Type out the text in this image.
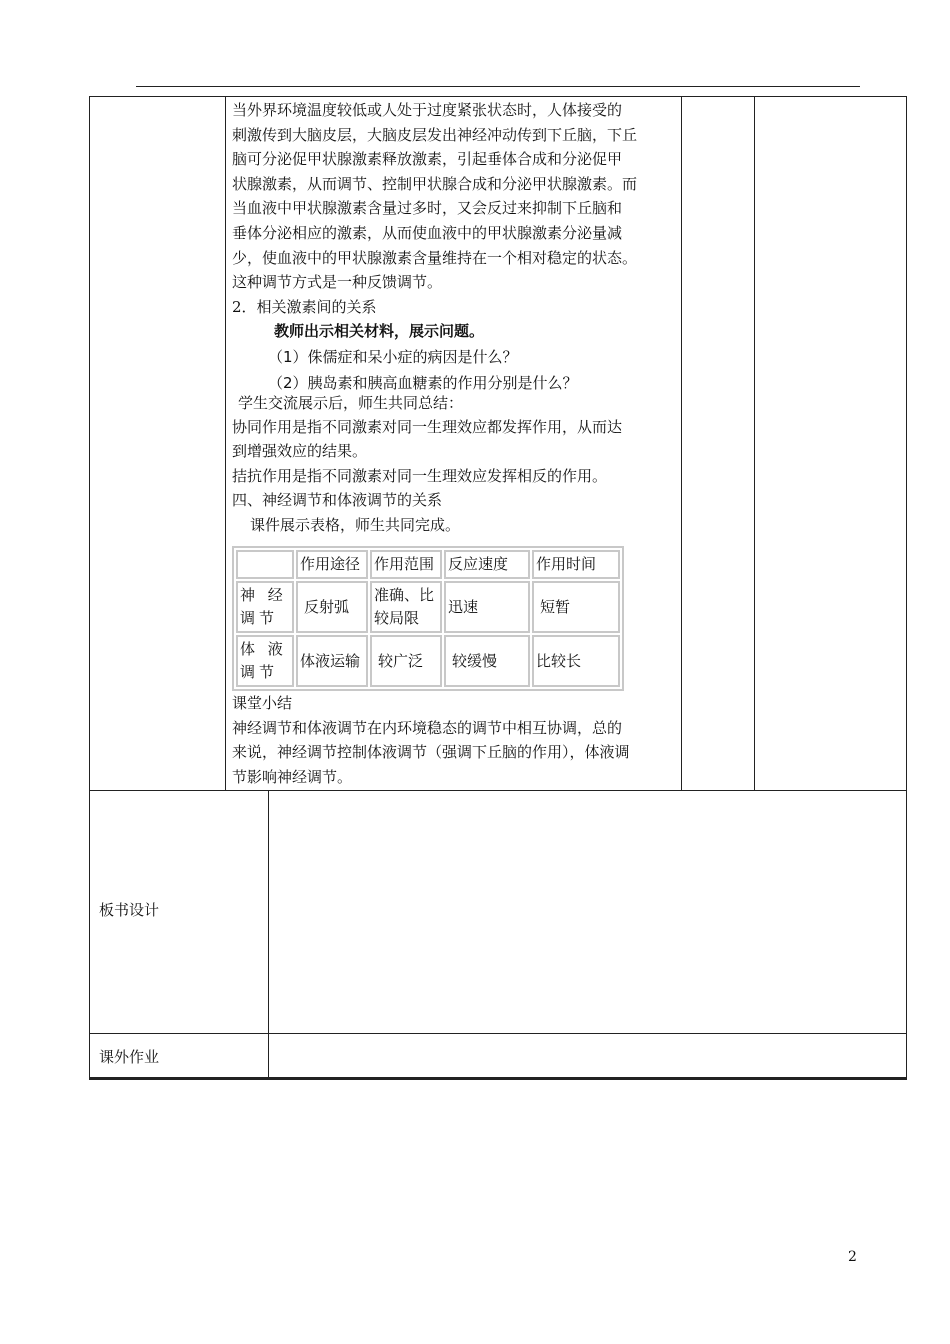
板书设计
课外作业

当外界环境温度较低或人处于过度紧张状态时，人体接受的

刺激传到大脑皮层，大脑皮层发出神经冲动传到下丘脑，下丘

脑可分泌促甲状腺激素释放激素，引起垂体合成和分泌促甲

状腺激素，从而调节、控制甲状腺合成和分泌甲状腺激素。而

当血液中甲状腺激素含量过多时，又会反过来抑制下丘脑和

垂体分泌相应的激素，从而使血液中的甲状腺激素分泌量减

少，使血液中的甲状腺激素含量维持在一个相对稳定的状态。

这种调节方式是一种反馈调节。

2．相关激素间的关系

教师出示相关材料，展示问题。

（1）侏儒症和呆小症的病因是什么？

（2）胰岛素和胰高血糖素的作用分别是什么？

学生交流展示后，师生共同总结：

协同作用是指不同激素对同一生理效应都发挥作用，从而达

到增强效应的结果。

拮抗作用是指不同激素对同一生理效应发挥相反的作用。

四、神经调节和体液调节的关系

课件展示表格，师生共同完成。

	作用途径	作用范围	反应速度	作用时间
神 经 调节	反射弧	准确、比较局限	迅速	短暂
体 液 调节	体液运输	较广泛	较缓慢	比较长

课堂小结

神经调节和体液调节在内环境稳态的调节中相互协调，总的

来说，神经调节控制体液调节（强调下丘脑的作用），体液调

节影响神经调节。

2
